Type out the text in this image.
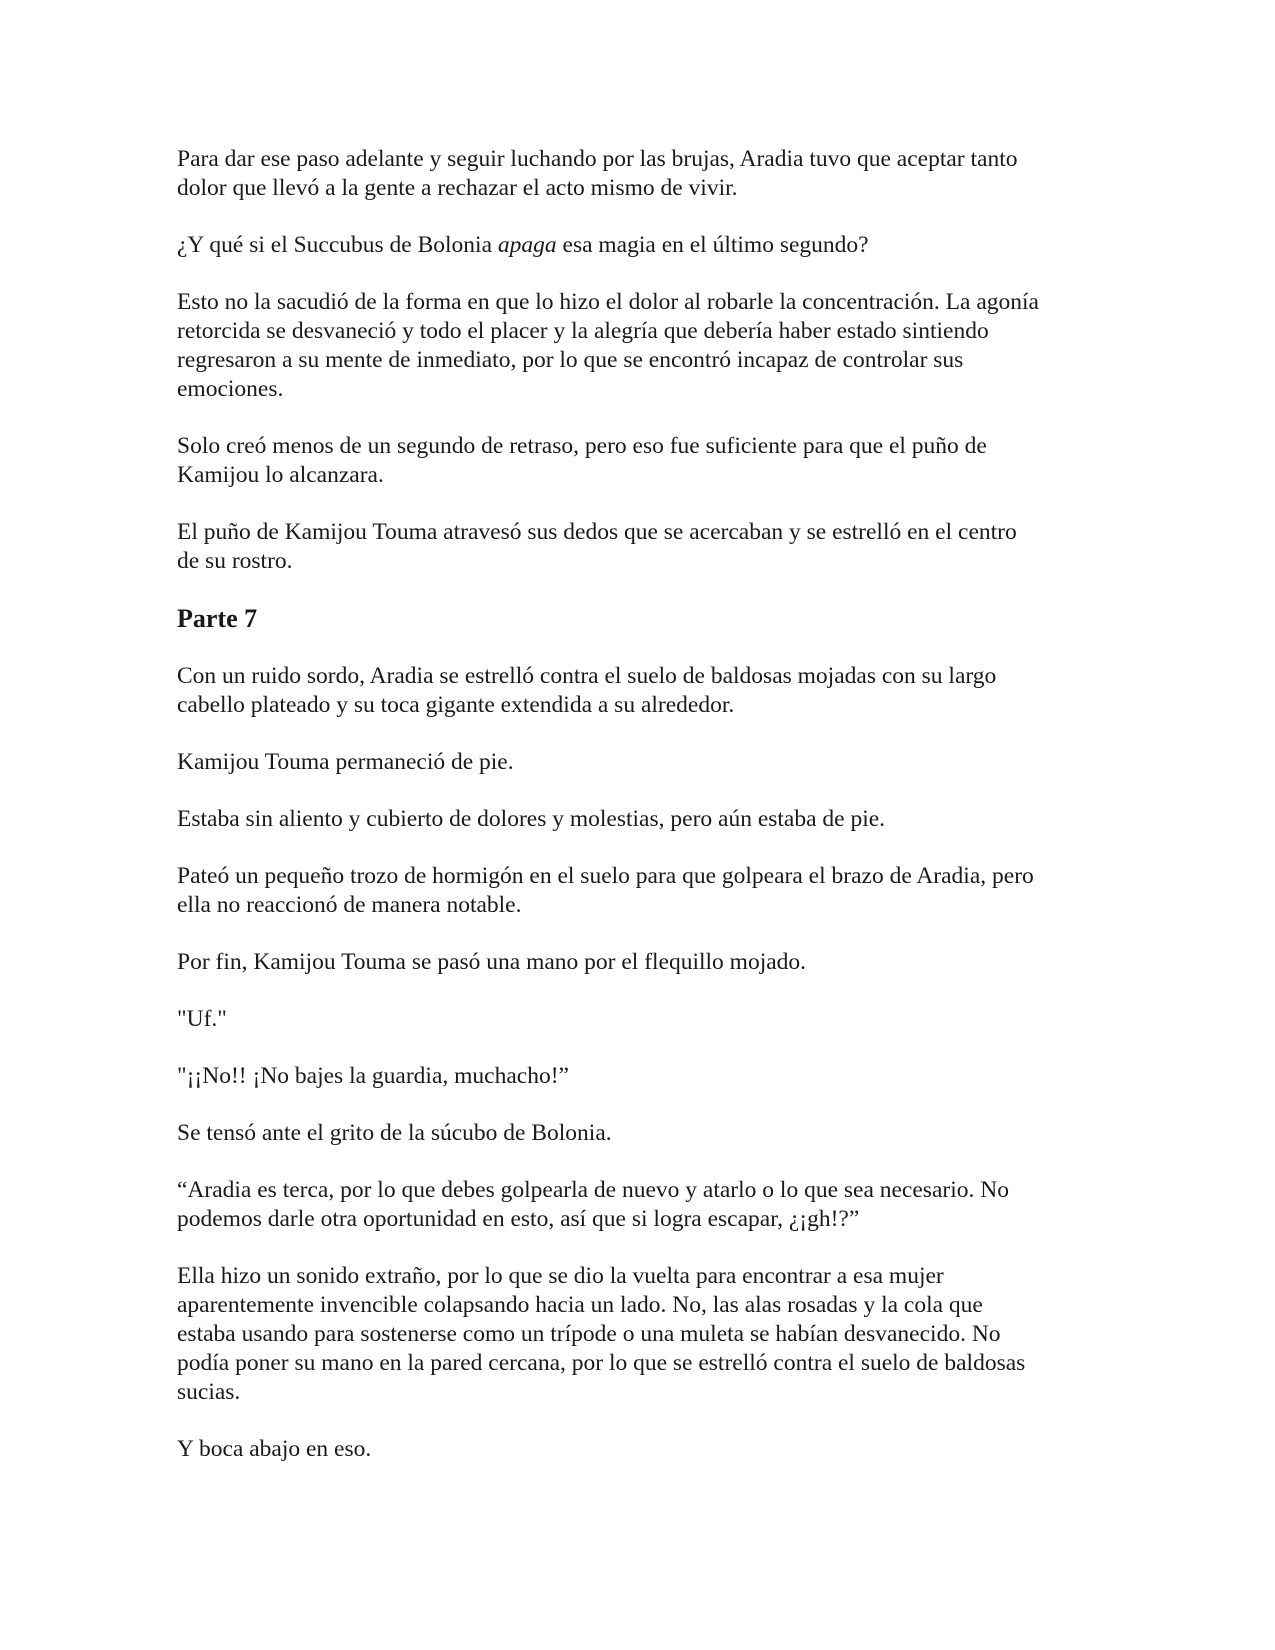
Para dar ese paso adelante y seguir luchando por las brujas, Aradia tuvo que aceptar tanto
dolor que llevó a la gente a rechazar el acto mismo de vivir.

¿Y qué si el Succubus de Bolonia apaga esa magia en el último segundo?

Esto no la sacudió de la forma en que lo hizo el dolor al robarle la concentración. La agonía
retorcida se desvaneció y todo el placer y la alegría que debería haber estado sintiendo
regresaron a su mente de inmediato, por lo que se encontró incapaz de controlar sus
emociones.

Solo creó menos de un segundo de retraso, pero eso fue suficiente para que el puño de
Kamijou lo alcanzara.

El puño de Kamijou Touma atravesó sus dedos que se acercaban y se estrelló en el centro
de su rostro.

Parte 7

Con un ruido sordo, Aradia se estrelló contra el suelo de baldosas mojadas con su largo
cabello plateado y su toca gigante extendida a su alrededor.

Kamijou Touma permaneció de pie.

Estaba sin aliento y cubierto de dolores y molestias, pero aún estaba de pie.

Pateó un pequeño trozo de hormigón en el suelo para que golpeara el brazo de Aradia, pero
ella no reaccionó de manera notable.

Por fin, Kamijou Touma se pasó una mano por el flequillo mojado.

"Uf."

"¡¡No!! ¡No bajes la guardia, muchacho!”

Se tensó ante el grito de la súcubo de Bolonia.

“Aradia es terca, por lo que debes golpearla de nuevo y atarlo o lo que sea necesario. No
podemos darle otra oportunidad en esto, así que si logra escapar, ¿¡gh!?”

Ella hizo un sonido extraño, por lo que se dio la vuelta para encontrar a esa mujer
aparentemente invencible colapsando hacia un lado. No, las alas rosadas y la cola que
estaba usando para sostenerse como un trípode o una muleta se habían desvanecido. No
podía poner su mano en la pared cercana, por lo que se estrelló contra el suelo de baldosas
sucias.

Y boca abajo en eso.
